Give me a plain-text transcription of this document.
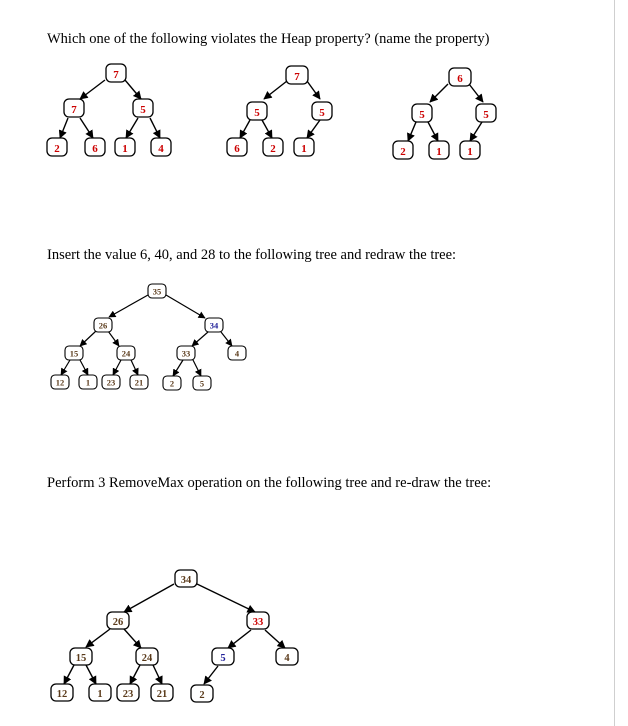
Which one of the following violates the Heap property? (name the property)
7
7	5
2	6 1	4
7
5	5
6	2 1
6
5	5
2	1 1
35
26	34
15	24	33	4
12	1 23 21	2	5
34
26	33
15	24	5	4
12	1 23 21	2
Insert the value 6, 40, and 28 to the following tree and redraw the tree:
Perform 3 RemoveMax operation on the following tree and re-draw the tree:
